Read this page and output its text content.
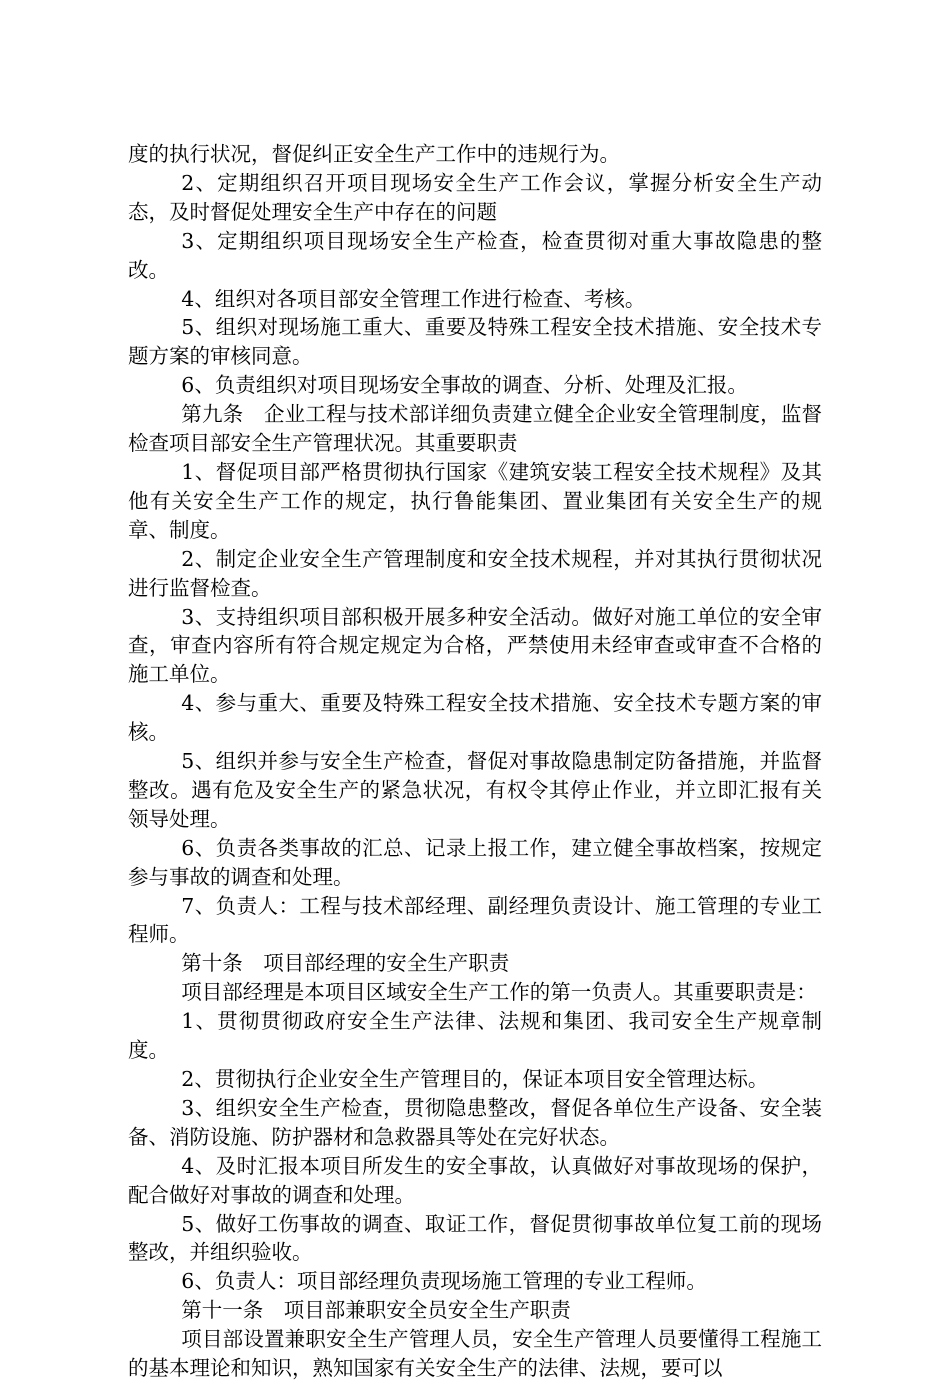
度的执行状况，督促纠正安全生产工作中的违规行为。

2、定期组织召开项目现场安全生产工作会议，掌握分析安全生产动态，及时督促处理安全生产中存在的问题

3、定期组织项目现场安全生产检查，检查贯彻对重大事故隐患的整改。

4、组织对各项目部安全管理工作进行检查、考核。

5、组织对现场施工重大、重要及特殊工程安全技术措施、安全技术专题方案的审核同意。

6、负责组织对项目现场安全事故的调查、分析、处理及汇报。

第九条　企业工程与技术部详细负责建立健全企业安全管理制度，监督检查项目部安全生产管理状况。其重要职责

1、督促项目部严格贯彻执行国家《建筑安装工程安全技术规程》及其他有关安全生产工作的规定，执行鲁能集团、置业集团有关安全生产的规章、制度。

2、制定企业安全生产管理制度和安全技术规程，并对其执行贯彻状况进行监督检查。

3、支持组织项目部积极开展多种安全活动。做好对施工单位的安全审查，审查内容所有符合规定规定为合格，严禁使用未经审查或审查不合格的施工单位。

4、参与重大、重要及特殊工程安全技术措施、安全技术专题方案的审核。

5、组织并参与安全生产检查，督促对事故隐患制定防备措施，并监督整改。遇有危及安全生产的紧急状况，有权令其停止作业，并立即汇报有关领导处理。

6、负责各类事故的汇总、记录上报工作，建立健全事故档案，按规定参与事故的调查和处理。

7、负责人：工程与技术部经理、副经理负责设计、施工管理的专业工程师。

第十条　项目部经理的安全生产职责

项目部经理是本项目区域安全生产工作的第一负责人。其重要职责是：

1、贯彻贯彻政府安全生产法律、法规和集团、我司安全生产规章制度。

2、贯彻执行企业安全生产管理目的，保证本项目安全管理达标。

3、组织安全生产检查，贯彻隐患整改，督促各单位生产设备、安全装备、消防设施、防护器材和急救器具等处在完好状态。

4、及时汇报本项目所发生的安全事故，认真做好对事故现场的保护，配合做好对事故的调查和处理。

5、做好工伤事故的调查、取证工作，督促贯彻事故单位复工前的现场整改，并组织验收。

6、负责人：项目部经理负责现场施工管理的专业工程师。

第十一条　项目部兼职安全员安全生产职责

项目部设置兼职安全生产管理人员，安全生产管理人员要懂得工程施工的基本理论和知识，熟知国家有关安全生产的法律、法规，要可以
